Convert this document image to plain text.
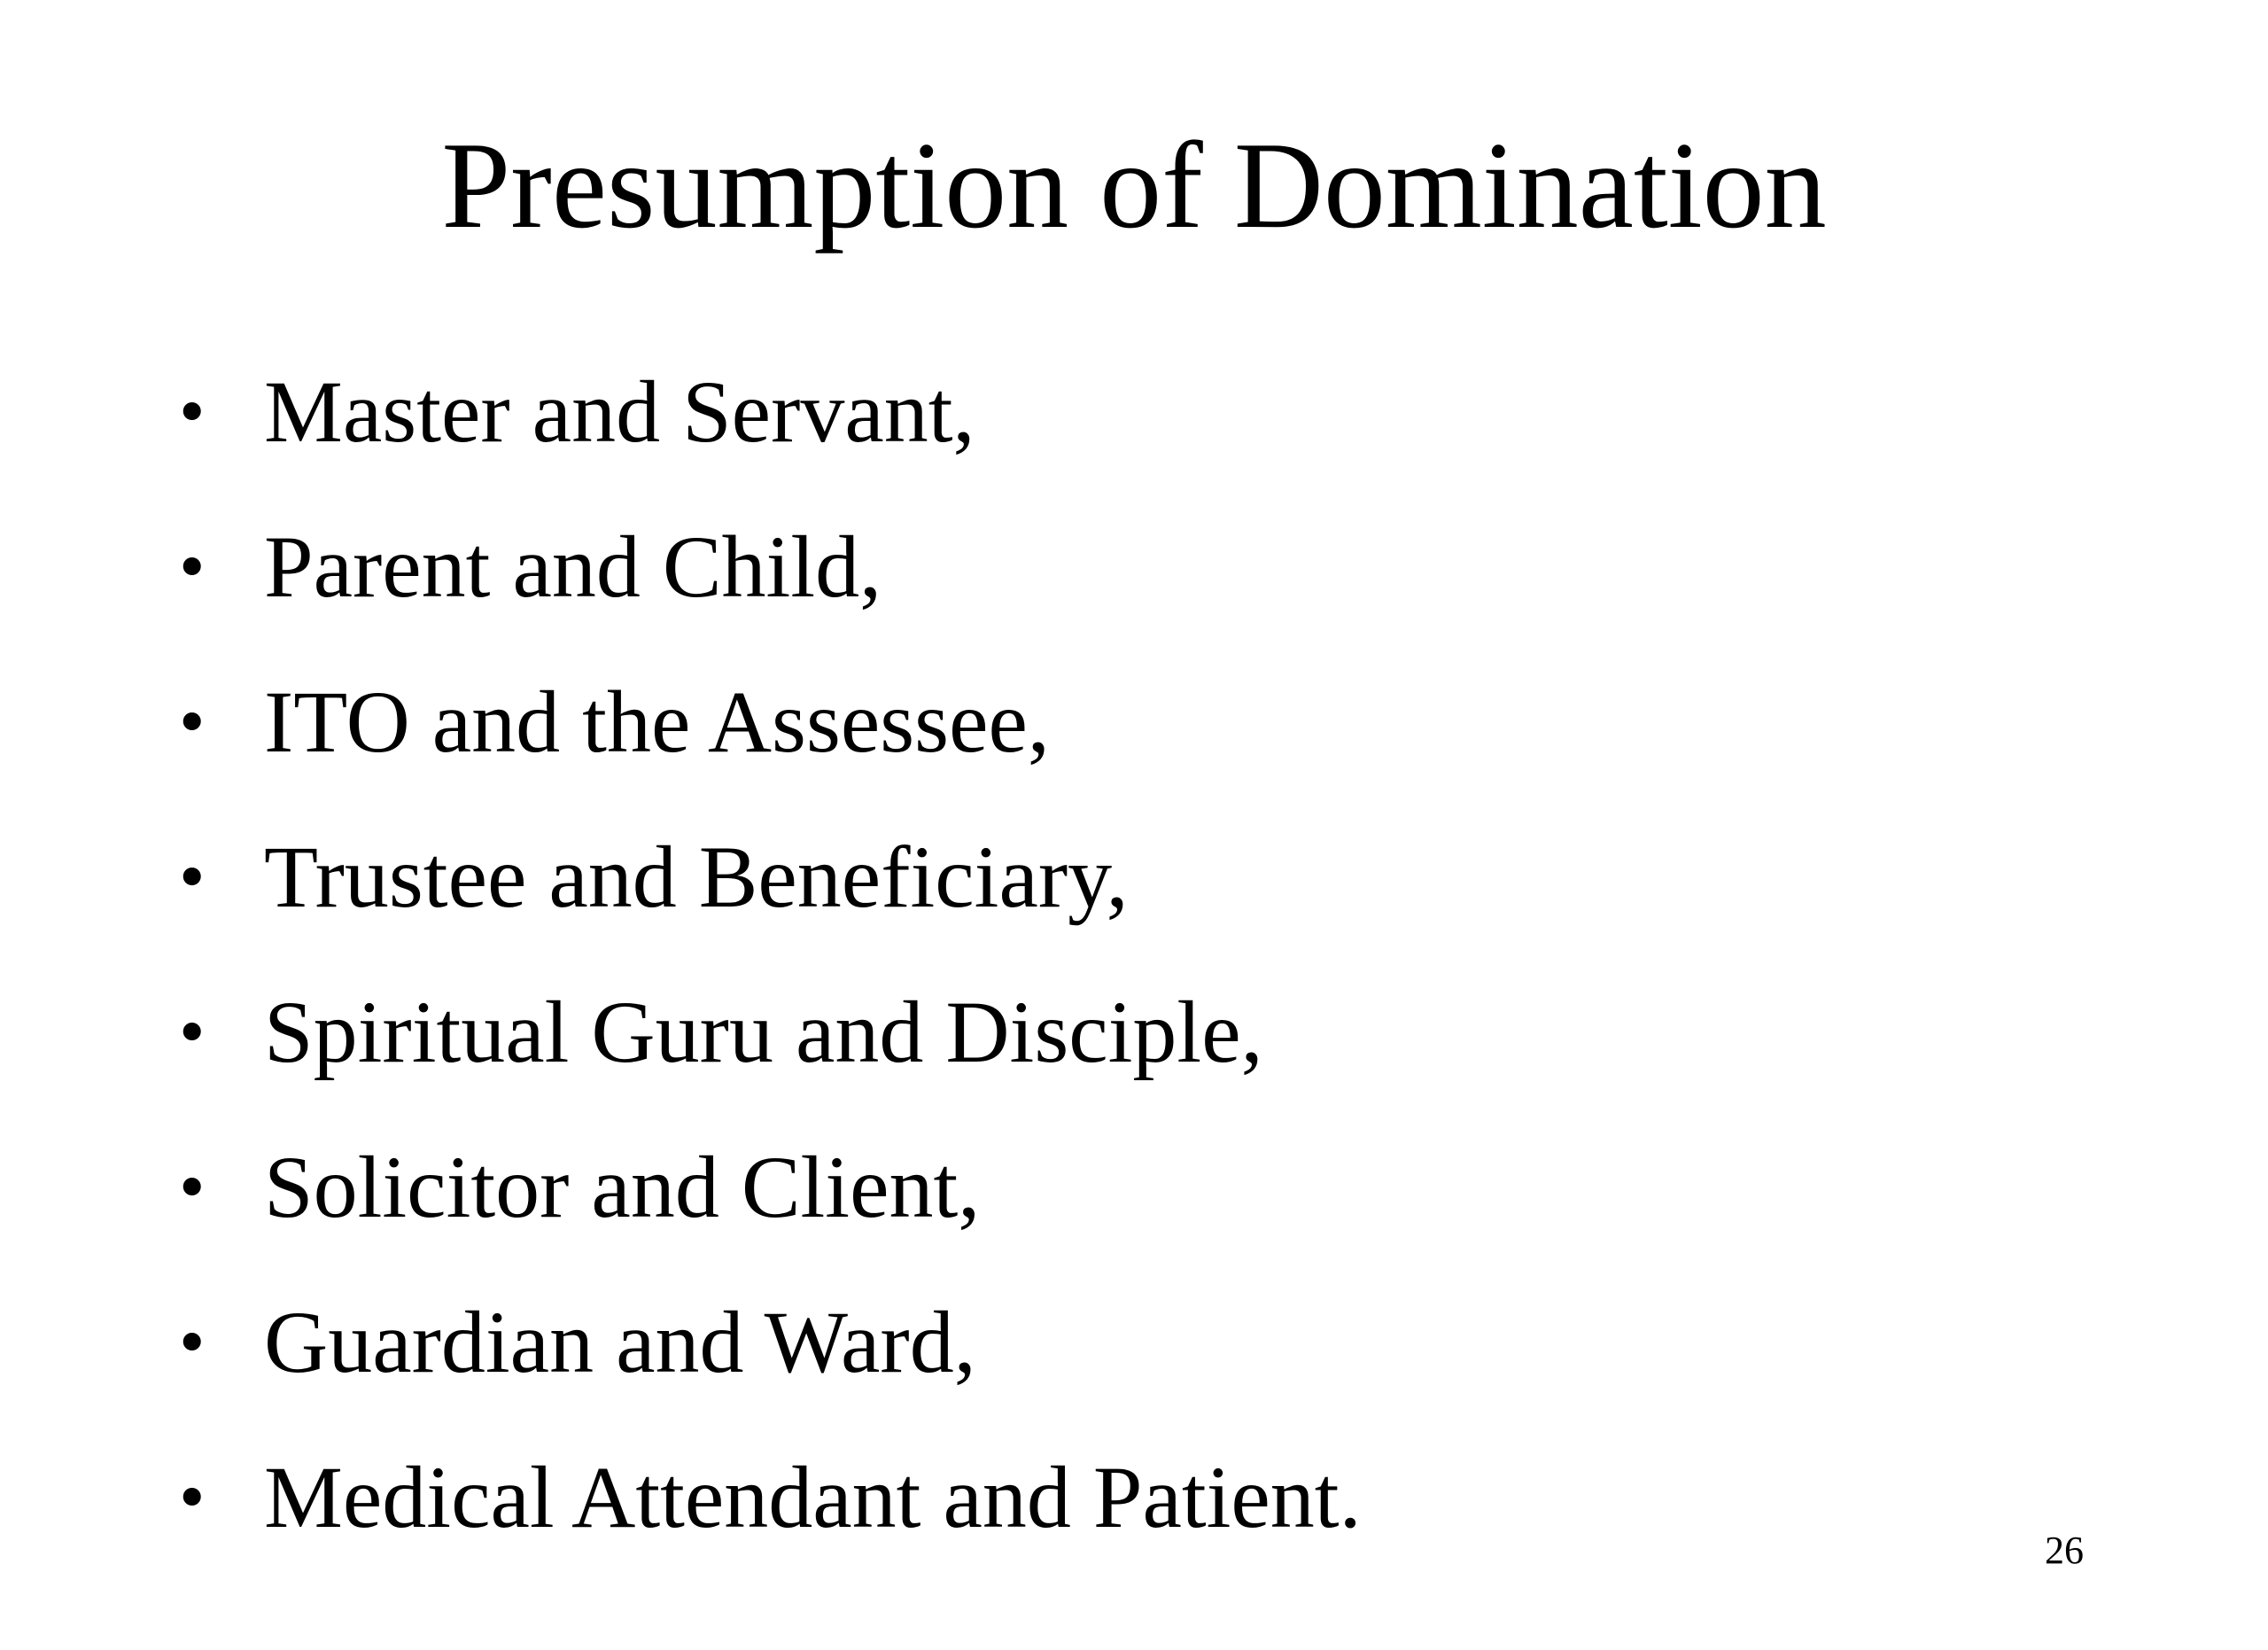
Presumption of Domination
• Master and Servant,
• Parent and Child,
• ITO and the Assessee,
• Trustee and Beneficiary,
• Spiritual Guru and Disciple,
• Solicitor and Client,
• Guardian and Ward,
• Medical Attendant and Patient.
26
